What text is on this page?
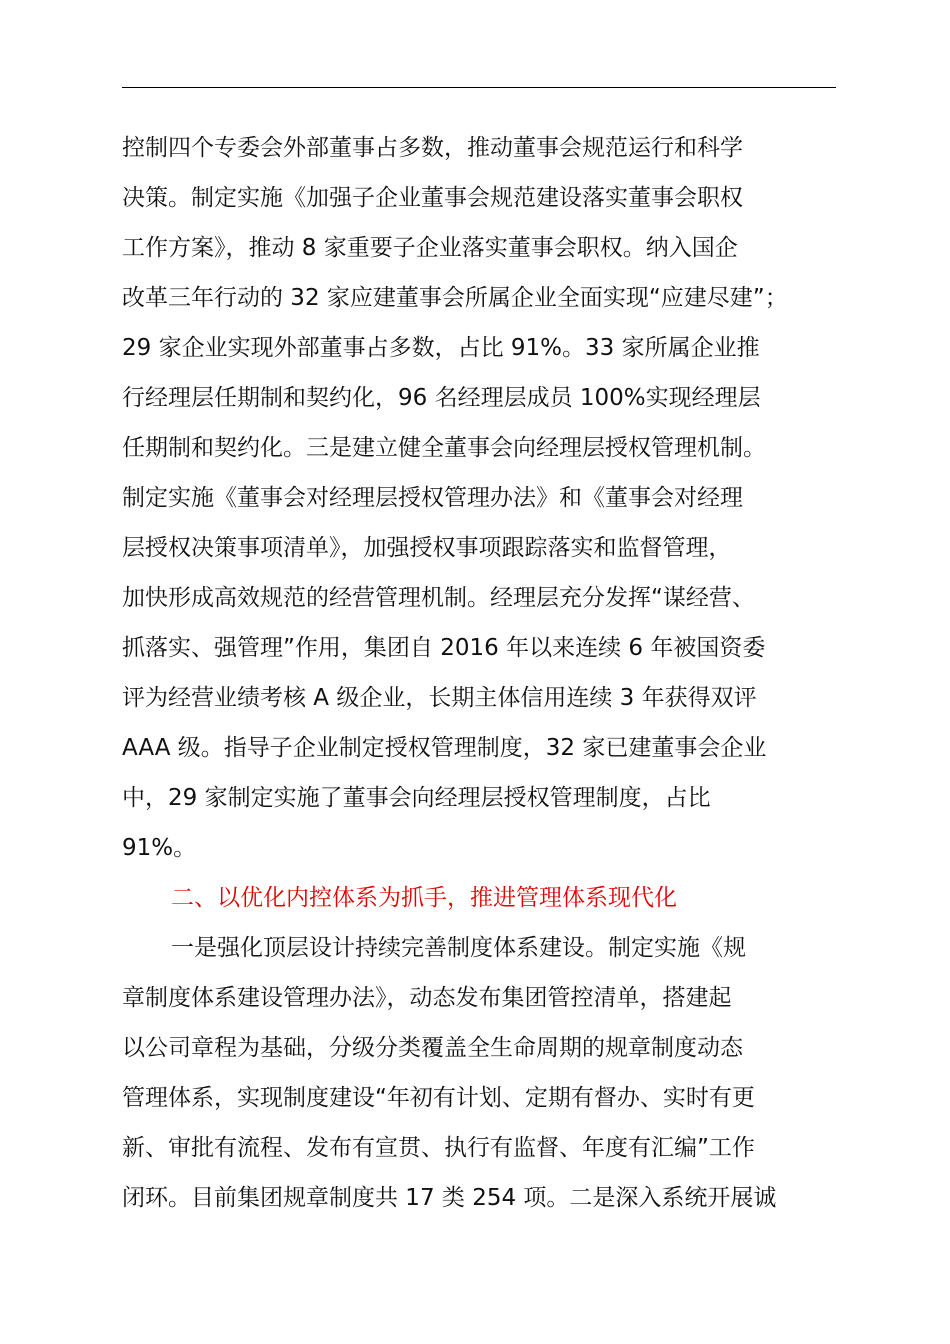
控制四个专委会外部董事占多数，推动董事会规范运行和科学
决策。制定实施《加强子企业董事会规范建设落实董事会职权
工作方案》，推动 8 家重要子企业落实董事会职权。纳入国企
改革三年行动的 32 家应建董事会所属企业全面实现“应建尽建”；
29 家企业实现外部董事占多数，占比 91%。33 家所属企业推
行经理层任期制和契约化，96 名经理层成员 100%实现经理层
任期制和契约化。三是建立健全董事会向经理层授权管理机制。
制定实施《董事会对经理层授权管理办法》和《董事会对经理
层授权决策事项清单》，加强授权事项跟踪落实和监督管理，
加快形成高效规范的经营管理机制。经理层充分发挥“谋经营、
抓落实、强管理”作用，集团自 2016 年以来连续 6 年被国资委
评为经营业绩考核 A 级企业，长期主体信用连续 3 年获得双评
AAA 级。指导子企业制定授权管理制度，32 家已建董事会企业
中，29 家制定实施了董事会向经理层授权管理制度，占比
91%。
二、以优化内控体系为抓手，推进管理体系现代化
一是强化顶层设计持续完善制度体系建设。制定实施《规
章制度体系建设管理办法》，动态发布集团管控清单，搭建起
以公司章程为基础，分级分类覆盖全生命周期的规章制度动态
管理体系，实现制度建设“年初有计划、定期有督办、实时有更
新、审批有流程、发布有宣贯、执行有监督、年度有汇编”工作
闭环。目前集团规章制度共 17 类 254 项。二是深入系统开展诚
